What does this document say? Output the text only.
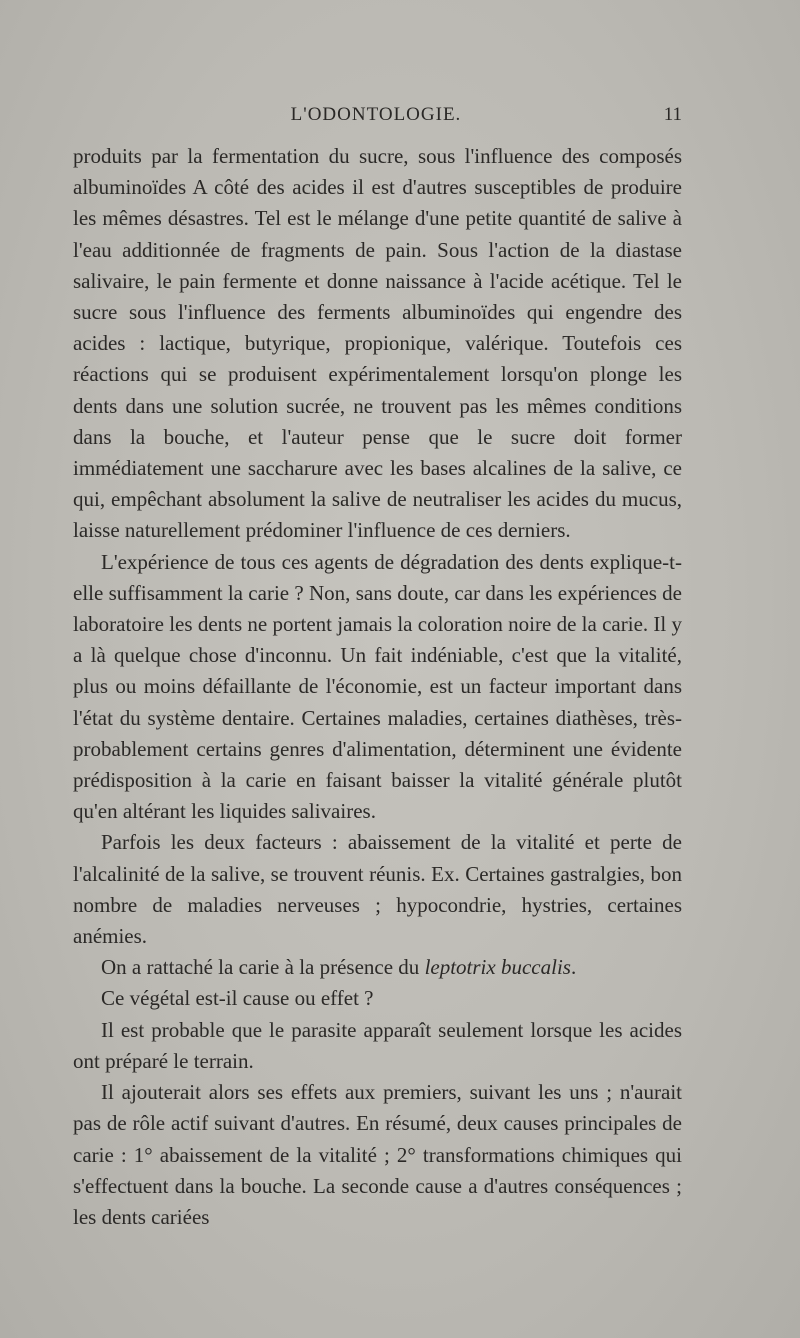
L'ODONTOLOGIE.	11

produits par la fermentation du sucre, sous l'influence des composés albuminoïdes A côté des acides il est d'autres susceptibles de produire les mêmes désastres. Tel est le mélange d'une petite quantité de salive à l'eau additionnée de fragments de pain. Sous l'action de la diastase salivaire, le pain fermente et donne naissance à l'acide acétique. Tel le sucre sous l'influence des ferments albuminoïdes qui engendre des acides : lactique, butyrique, propionique, valérique. Toutefois ces réactions qui se produisent expérimentalement lorsqu'on plonge les dents dans une solution sucrée, ne trouvent pas les mêmes conditions dans la bouche, et l'auteur pense que le sucre doit former immédiatement une saccharure avec les bases alcalines de la salive, ce qui, empêchant absolument la salive de neutraliser les acides du mucus, laisse naturellement prédominer l'influence de ces derniers.

L'expérience de tous ces agents de dégradation des dents explique-t-elle suffisamment la carie ? Non, sans doute, car dans les expériences de laboratoire les dents ne portent jamais la coloration noire de la carie. Il y a là quelque chose d'inconnu. Un fait indéniable, c'est que la vitalité, plus ou moins défaillante de l'économie, est un facteur important dans l'état du système dentaire. Certaines maladies, certaines diathèses, très-probablement certains genres d'alimentation, déterminent une évidente prédisposition à la carie en faisant baisser la vitalité générale plutôt qu'en altérant les liquides salivaires.

Parfois les deux facteurs : abaissement de la vitalité et perte de l'alcalinité de la salive, se trouvent réunis. Ex. Certaines gastralgies, bon nombre de maladies nerveuses ; hypocondrie, hystries, certaines anémies.

On a rattaché la carie à la présence du leptotrix buccalis.

Ce végétal est-il cause ou effet ?

Il est probable que le parasite apparaît seulement lorsque les acides ont préparé le terrain.

Il ajouterait alors ses effets aux premiers, suivant les uns ; n'aurait pas de rôle actif suivant d'autres. En résumé, deux causes principales de carie : 1° abaissement de la vitalité ; 2° transformations chimiques qui s'effectuent dans la bouche. La seconde cause a d'autres conséquences ; les dents cariées
